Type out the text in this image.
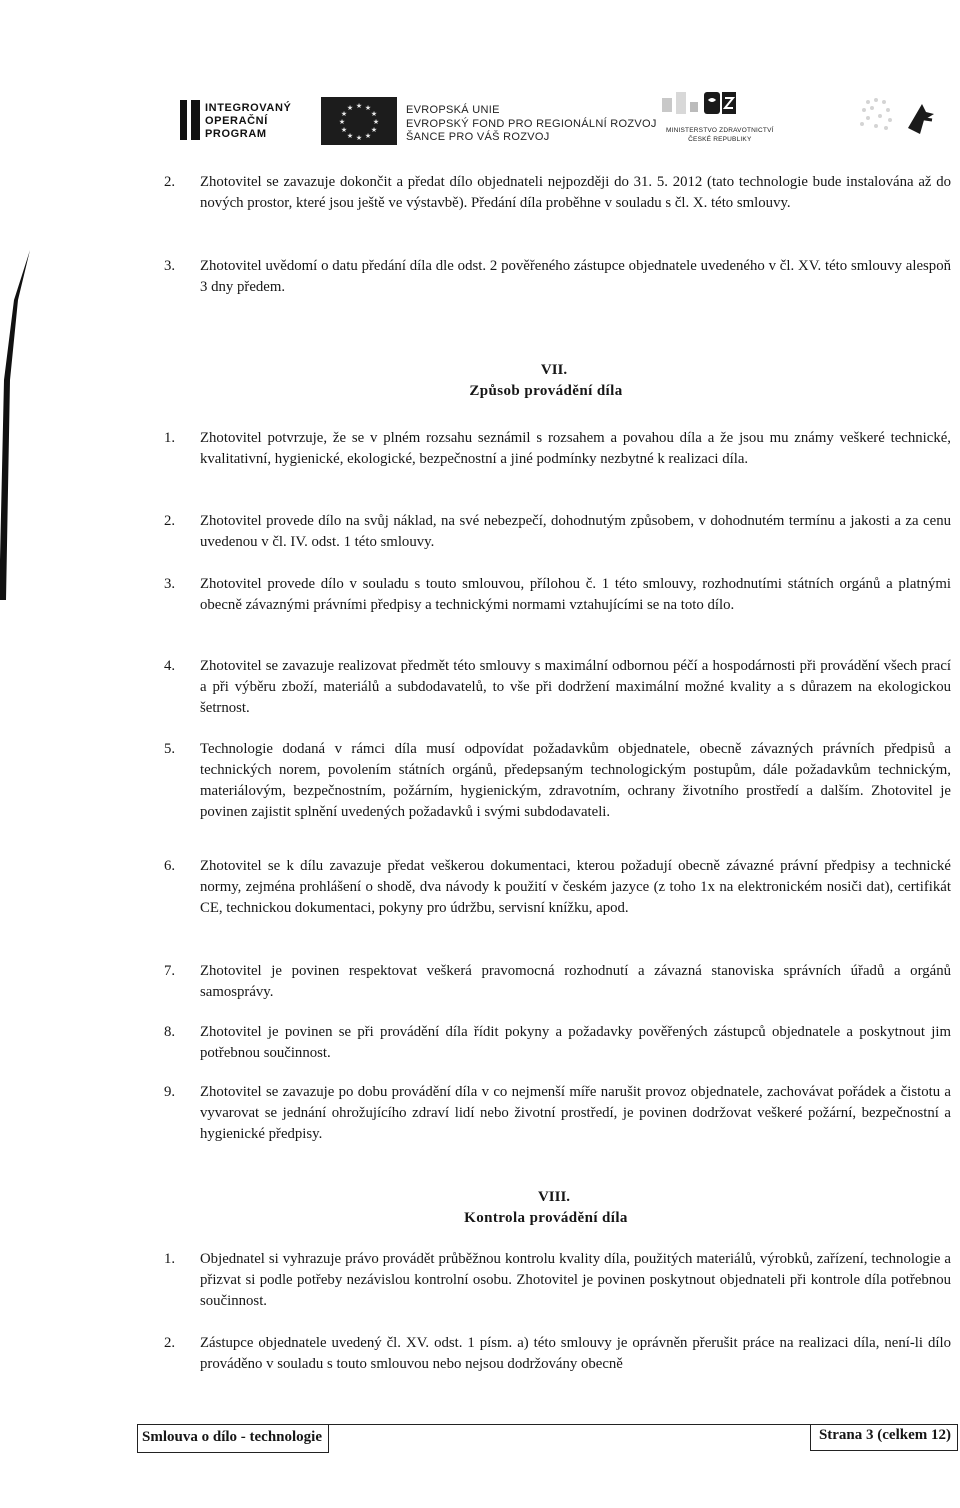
INTEGROVANÝ
OPERAČNÍ
PROGRAM
★ ★
★
★
★
★
★
★
★
★
★
★	EVROPSKÁ UNIE
EVROPSKÝ FOND PRO REGIONÁLNÍ ROZVOJ
ŠANCE PRO VÁŠ ROZVOJ
MINISTERSTVO ZDRAVOTNICTVÍ
ČESKÉ REPUBLIKY
2. Zhotovitel se zavazuje dokončit a předat dílo objednateli nejpozději do 31. 5. 2012 (tato technologie bude instalována až do nových prostor, které jsou ještě ve výstavbě). Předání díla proběhne v souladu s čl. X. této smlouvy.
3. Zhotovitel uvědomí o datu předání díla dle odst. 2 pověřeného zástupce objednatele uvedeného v čl. XV. této smlouvy alespoň 3 dny předem.
VII.
Způsob provádění díla
1. Zhotovitel potvrzuje, že se v plném rozsahu seznámil s rozsahem a povahou díla a že jsou mu známy veškeré technické, kvalitativní, hygienické, ekologické, bezpečnostní a jiné podmínky nezbytné k realizaci díla.
2. Zhotovitel provede dílo na svůj náklad, na své nebezpečí, dohodnutým způsobem, v dohodnutém termínu a jakosti a za cenu uvedenou v čl. IV. odst. 1 této smlouvy.
3. Zhotovitel provede dílo v souladu s touto smlouvou, přílohou č. 1 této smlouvy, rozhodnutími státních orgánů a platnými obecně závaznými právními předpisy a technickými normami vztahujícími se na toto dílo.
4. Zhotovitel se zavazuje realizovat předmět této smlouvy s maximální odbornou péčí a hospodárnosti při provádění všech prací a při výběru zboží, materiálů a subdodavatelů, to vše při dodržení maximální možné kvality a s důrazem na ekologickou šetrnost.
5. Technologie dodaná v rámci díla musí odpovídat požadavkům objednatele, obecně závazných právních předpisů a technických norem, povolením státních orgánů, předepsaným technologickým postupům, dále požadavkům technickým, materiálovým, bezpečnostním, požárním, hygienickým, zdravotním, ochrany životního prostředí a dalším. Zhotovitel je povinen zajistit splnění uvedených požadavků i svými subdodavateli.
6. Zhotovitel se k dílu zavazuje předat veškerou dokumentaci, kterou požadují obecně závazné právní předpisy a technické normy, zejména prohlášení o shodě, dva návody k použití v českém jazyce (z toho 1x na elektronickém nosiči dat), certifikát CE, technickou dokumentaci, pokyny pro údržbu, servisní knížku, apod.
7. Zhotovitel je povinen respektovat veškerá pravomocná rozhodnutí a závazná stanoviska správních úřadů a orgánů samosprávy.
8. Zhotovitel je povinen se při provádění díla řídit pokyny a požadavky pověřených zástupců objednatele a poskytnout jim potřebnou součinnost.
9. Zhotovitel se zavazuje po dobu provádění díla v co nejmenší míře narušit provoz objednatele, zachovávat pořádek a čistotu a vyvarovat se jednání ohrožujícího zdraví lidí nebo životní prostředí, je povinen dodržovat veškeré požární, bezpečnostní a hygienické předpisy.
VIII.
Kontrola provádění díla
1. Objednatel si vyhrazuje právo provádět průběžnou kontrolu kvality díla, použitých materiálů, výrobků, zařízení, technologie a přizvat si podle potřeby nezávislou kontrolní osobu. Zhotovitel je povinen poskytnout objednateli při kontrole díla potřebnou součinnost.
2. Zástupce objednatele uvedený čl. XV. odst. 1 písm. a) této smlouvy je oprávněn přerušit práce na realizaci díla, není-li dílo prováděno v souladu s touto smlouvou nebo nejsou dodržovány obecně
Smlouva o dílo - technologie	Strana 3 (celkem 12)
